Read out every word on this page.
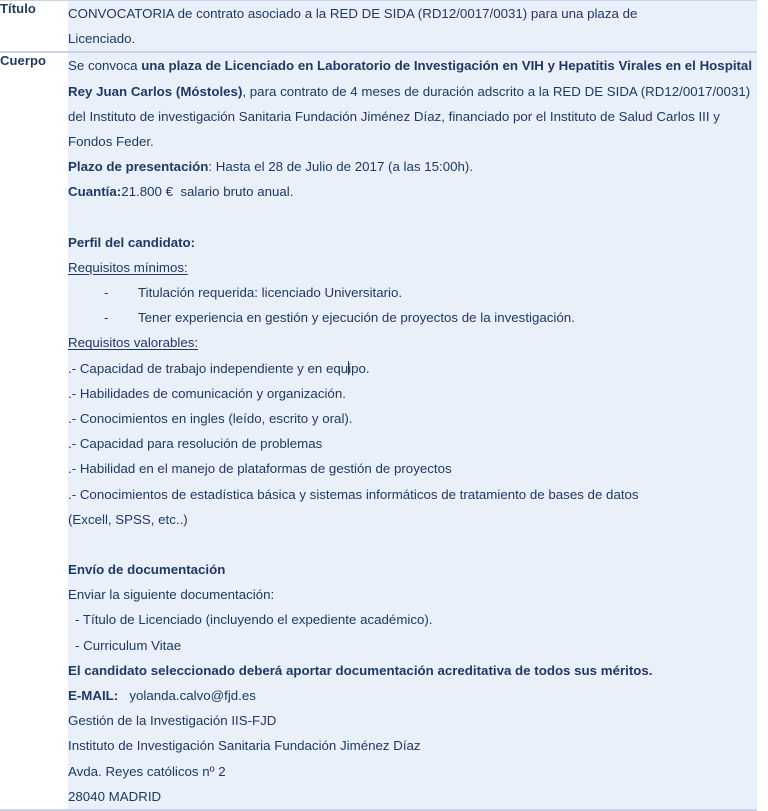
Título	CONVOCATORIA de contrato asociado a la RED DE SIDA (RD12/0017/0031) para una plaza de
Licenciado.	

Cuerpo	Se convoca una plaza de Licenciado en Laboratorio de Investigación en VIH y Hepatitis Virales en el Hospital Rey Juan Carlos (Móstoles), para contrato de 4 meses de duración adscrito a la RED DE SIDA (RD12/0017/0031) del Instituto de investigación Sanitaria Fundación Jiménez Díaz, financiado por el Instituto de Salud Carlos III y Fondos Feder.
Plazo de presentación: Hasta el 28 de Julio de 2017 (a las 15:00h).
Cuantía:21.800 €  salario bruto anual.
Perfil del candidato:
Requisitos mínimos:
- Titulación requerida: licenciado Universitario.
- Tener experiencia en gestión y ejecución de proyectos de la investigación.
Requisitos valorables:
.- Capacidad de trabajo independiente y en equipo.
.- Habilidades de comunicación y organización.
.- Conocimientos en ingles (leído, escrito y oral).
.- Capacidad para resolución de problemas
.- Habilidad en el manejo de plataformas de gestión de proyectos
.- Conocimientos de estadística básica y sistemas informáticos de tratamiento de bases de datos
(Excell, SPSS, etc..)
Envío de documentación
Enviar la siguiente documentación:
- Título de Licenciado (incluyendo el expediente académico).
- Curriculum Vitae
El candidato seleccionado deberá aportar documentación acreditativa de todos sus méritos.
E-MAIL: yolanda.calvo@fjd.es
Gestión de la Investigación IIS-FJD
Instituto de Investigación Sanitaria Fundación Jiménez Díaz
Avda. Reyes católicos nº 2
28040 MADRID
